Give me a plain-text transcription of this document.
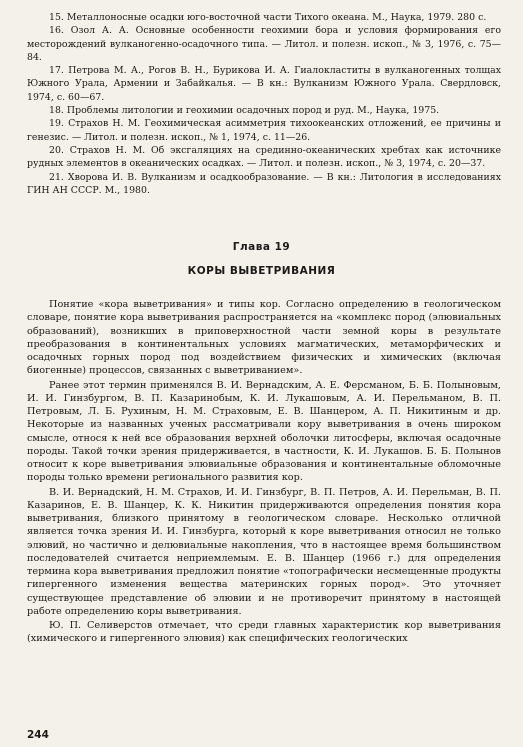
15. Металлоносные осадки юго-восточной части Тихого океана. М., Наука, 1979. 280 с.
16. Озол А. А. Основные особенности геохимии бора и условия формирования его месторождений вулканогенно-осадочного типа. — Литол. и полезн. ископ., № 3, 1976, с. 75—84.
17. Петрова М. А., Рогов В. Н., Бурикова И. А. Гиалокластиты в вулканогенных толщах Южного Урала, Армении и Забайкалья. — В кн.: Вулканизм Южного Урала. Свердловск, 1974, с. 60—67.
18. Проблемы литологии и геохимии осадочных пород и руд. М., Наука, 1975.
19. Страхов Н. М. Геохимическая асимметрия тихоокеанских отложений, ее причины и генезис. — Литол. и полезн. ископ., № 1, 1974, с. 11—26.
20. Страхов Н. М. Об эксгаляциях на срединно-океанических хребтах как источнике рудных элементов в океанических осадках. — Литол. и полезн. ископ., № 3, 1974, с. 20—37.
21. Хворова И. В. Вулканизм и осадкообразование. — В кн.: Литология в исследованиях ГИН АН СССР. М., 1980.
Глава 19
КОРЫ ВЫВЕТРИВАНИЯ

Понятие «кора выветривания» и типы кор. Согласно определению в геологическом словаре, понятие кора выветривания распространяется на «комплекс пород (элювиальных образований), возникших в приповерхностной части земной коры в результате преобразования в континентальных условиях магматических, метаморфических и осадочных горных пород под воздействием физических и химических (включая биогенные) процессов, связанных с выветриванием».

Ранее этот термин применялся В. И. Вернадским, А. Е. Ферсманом, Б. Б. Полыновым, И. И. Гинзбургом, В. П. Казаринобым, К. И. Лукашовым, А. И. Перельманом, В. П. Петровым, Л. Б. Рухиным, Н. М. Страховым, Е. В. Шанцером, А. П. Никитиным и др. Некоторые из названных ученых рассматривали кору выветривания в очень широком смысле, относя к ней все образования верхней оболочки литосферы, включая осадочные породы. Такой точки зрения придерживается, в частности, К. И. Лукашов. Б. Б. Полынов относит к коре выветривания элювиальные образования и континентальные обломочные породы только времени регионального развития кор.

В. И. Вернадский, Н. М. Страхов, И. И. Гинзбург, В. П. Петров, А. И. Перельман, В. П. Казаринов, Е. В. Шанцер, К. К. Никитин придерживаются определения понятия кора выветривания, близкого принятому в геологическом словаре. Несколько отличной является точка зрения И. И. Гинзбурга, который к коре выветривания относил не только элювий, но частично и делювиальные накопления, что в настоящее время большинством последователей считается неприемлемым. Е. В. Шанцер (1966 г.) для определения термина кора выветривания предложил понятие «топографически несмещенные продукты гипергенного изменения вещества материнских горных пород». Это уточняет существующее представление об элювии и не противоречит принятому в настоящей работе определению коры выветривания.

Ю. П. Селиверстов отмечает, что среди главных характеристик кор выветривания (химического и гипергенного элювия) как специфических геологических

244
